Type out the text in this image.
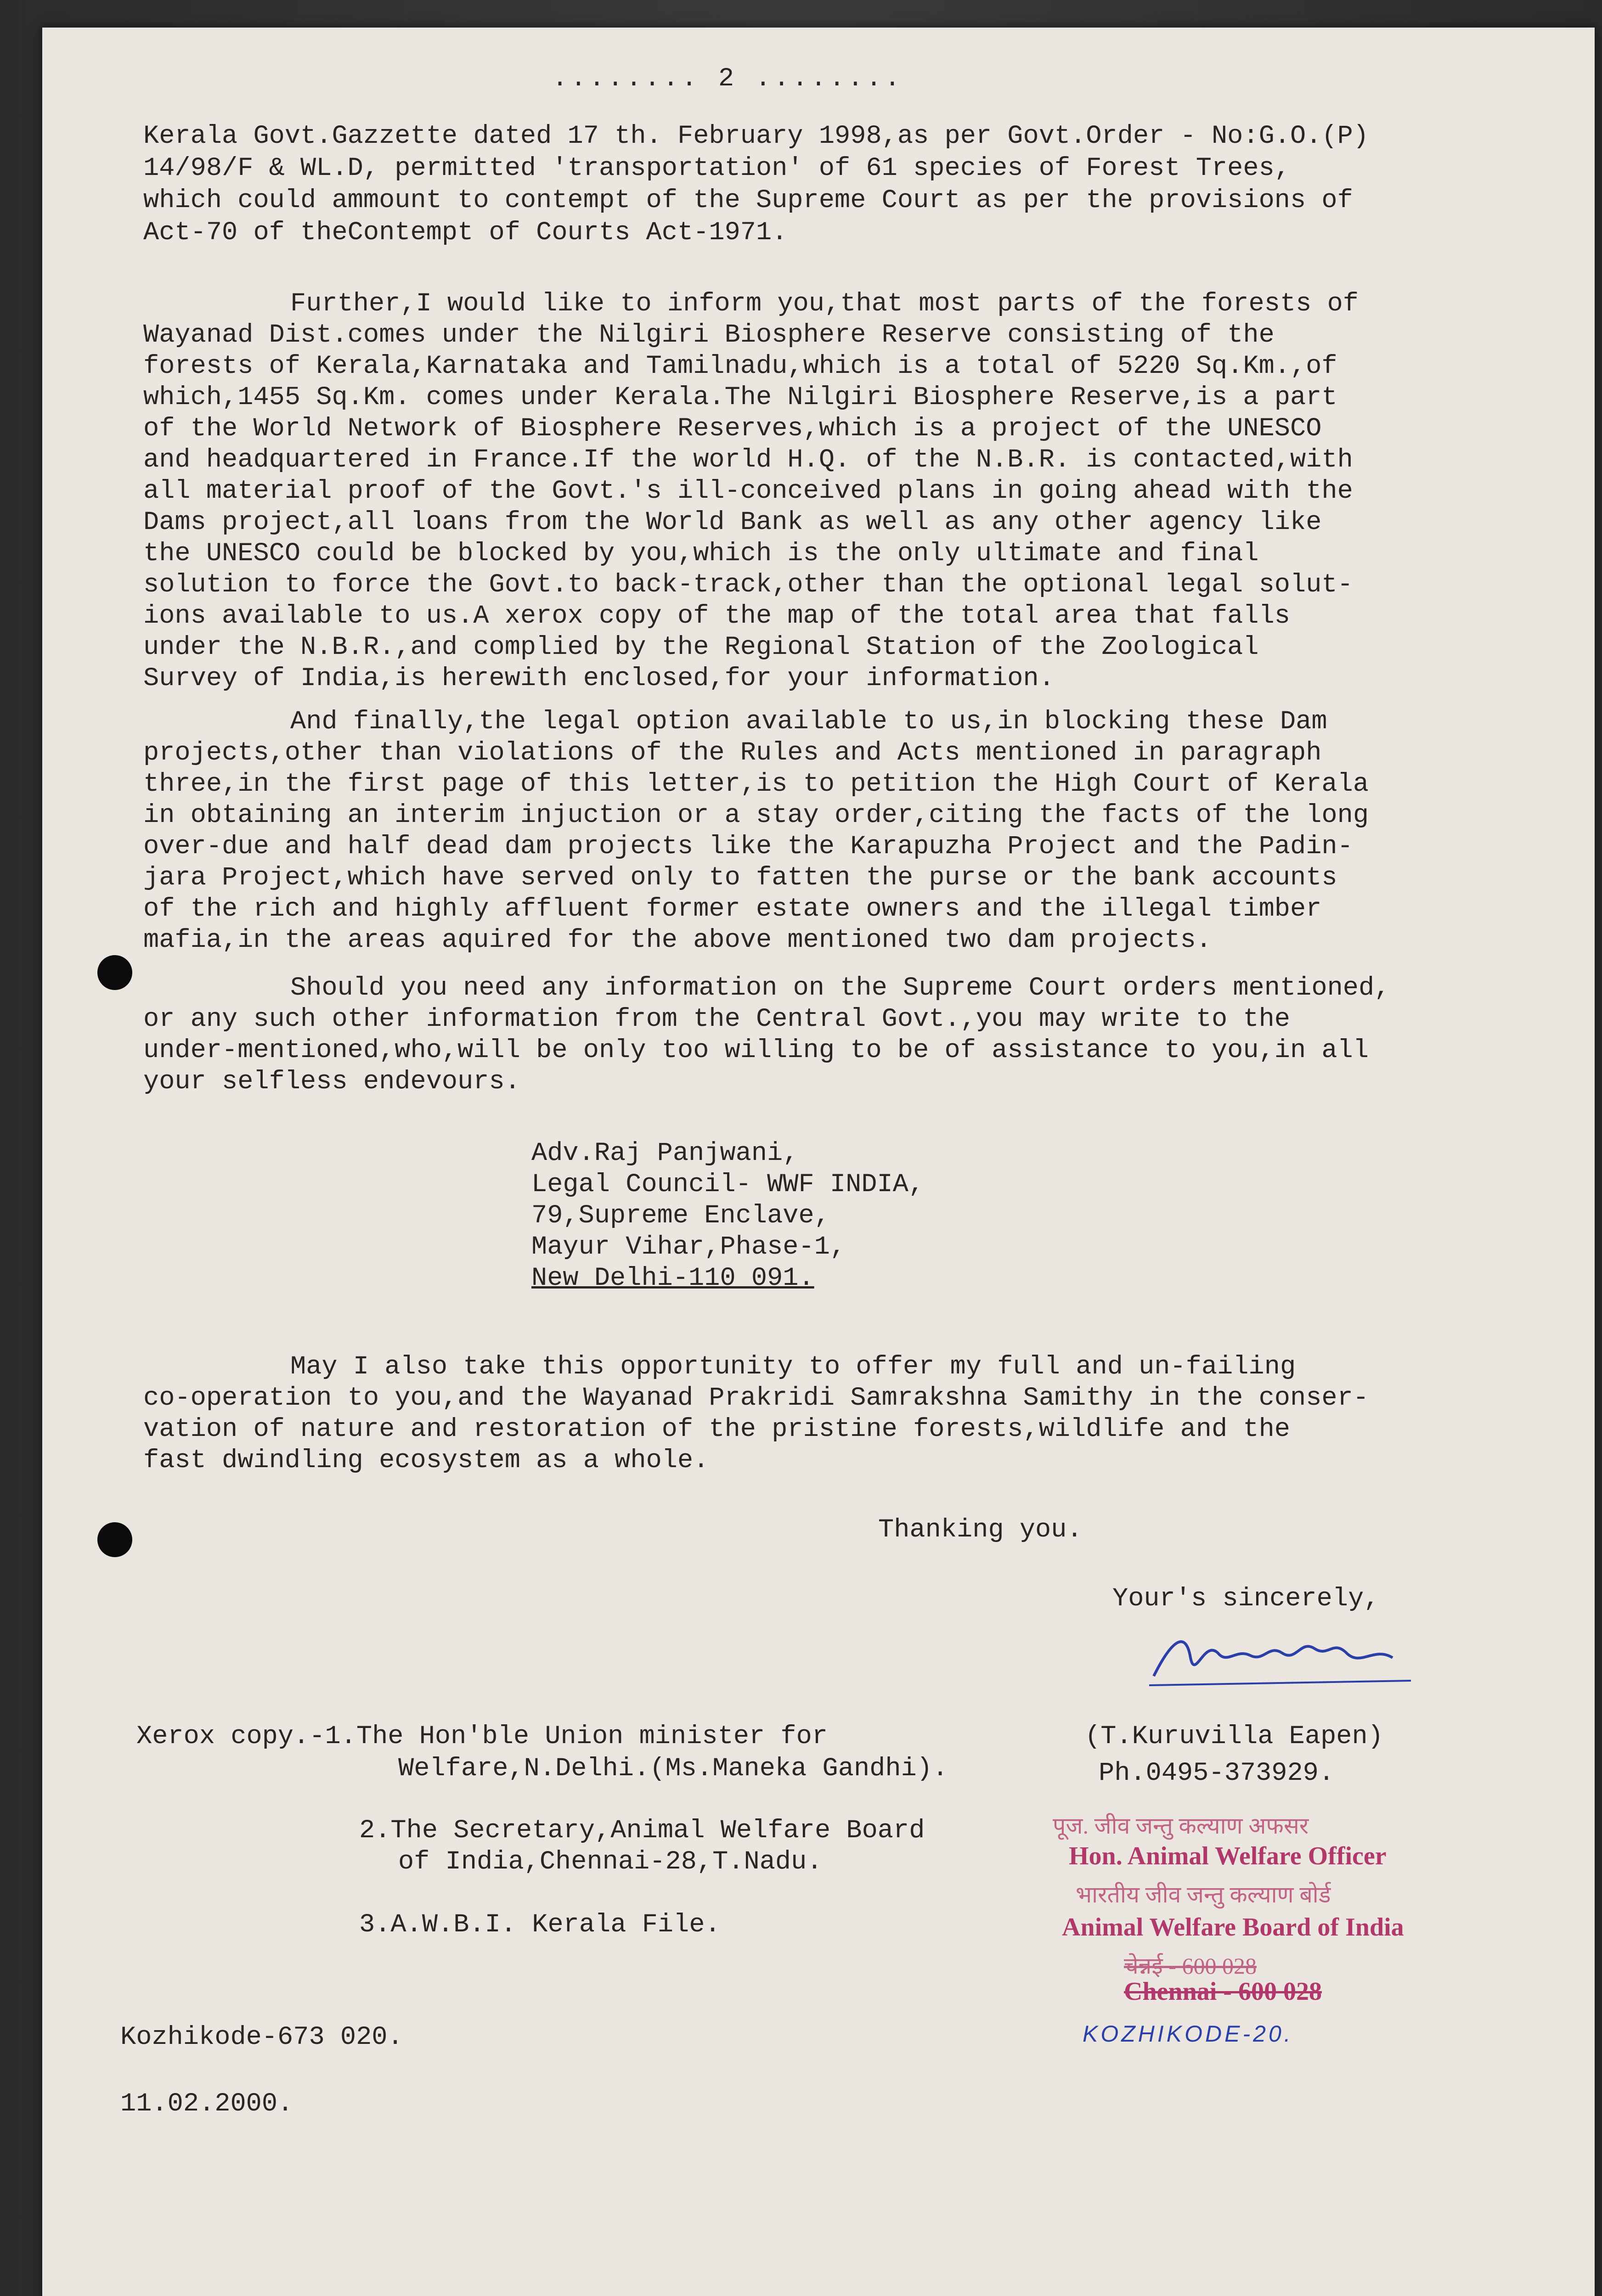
........ 2 ........
Kerala Govt.Gazzette dated 17 th. February 1998,as per Govt.Order - No:G.O.(P)
14/98/F & WL.D, permitted 'transportation' of 61 species of Forest Trees,
which could ammount to contempt of the Supreme Court as per the provisions of
Act-70 of theContempt of Courts Act-1971.
Further,I would like to inform you,that most parts of the forests of
Wayanad Dist.comes under the Nilgiri Biosphere Reserve consisting of the
forests of Kerala,Karnataka and Tamilnadu,which is a total of 5220 Sq.Km.,of
which,1455 Sq.Km. comes under Kerala.The Nilgiri Biosphere Reserve,is a part
of the World Network of Biosphere Reserves,which is a project of the UNESCO
and headquartered in France.If the world H.Q. of the N.B.R. is contacted,with
all material proof of the Govt.'s ill-conceived plans in going ahead with the
Dams project,all loans from the World Bank as well as any other agency like
the UNESCO could be blocked by you,which is the only ultimate and final
solution to force the Govt.to back-track,other than the optional legal solut-
ions available to us.A xerox copy of the map of the total area that falls
under the N.B.R.,and complied by the Regional Station of the Zoological
Survey of India,is herewith enclosed,for your information.
And finally,the legal option available to us,in blocking these Dam
projects,other than violations of the Rules and Acts mentioned in paragraph
three,in the first page of this letter,is to petition the High Court of Kerala
in obtaining an interim injuction or a stay order,citing the facts of the long
over-due and half dead dam projects like the Karapuzha Project and the Padin-
jara Project,which have served only to fatten the purse or the bank accounts
of the rich and highly affluent former estate owners and the illegal timber
mafia,in the areas aquired for the above mentioned two dam projects.
Should you need any information on the Supreme Court orders mentioned,
or any such other information from the Central Govt.,you may write to the
under-mentioned,who,will be only too willing to be of assistance to you,in all
your selfless endevours.
Adv.Raj Panjwani,
Legal Council- WWF INDIA,
79,Supreme Enclave,
Mayur Vihar,Phase-1,
New Delhi-110 091.
May I also take this opportunity to offer my full and un-failing
co-operation to you,and the Wayanad Prakridi Samrakshna Samithy in the conser-
vation of nature and restoration of the pristine forests,wildlife and the
fast dwindling ecosystem as a whole.
Thanking you.
Your's sincerely,
(T.Kuruvilla Eapen)
Ph.0495-373929.
Xerox copy.-1.The Hon'ble Union minister for
Welfare,N.Delhi.(Ms.Maneka Gandhi).
2.The Secretary,Animal Welfare Board
of India,Chennai-28,T.Nadu.
3.A.W.B.I. Kerala File.
पूज. जीव जन्तु कल्याण अफसर
Hon. Animal Welfare Officer
भारतीय जीव जन्तु कल्याण बोर्ड
Animal Welfare Board of India
चेन्नई - 600 028
Chennai - 600 028
KOZHIKODE-20.
Kozhikode-673 020.
11.02.2000.
